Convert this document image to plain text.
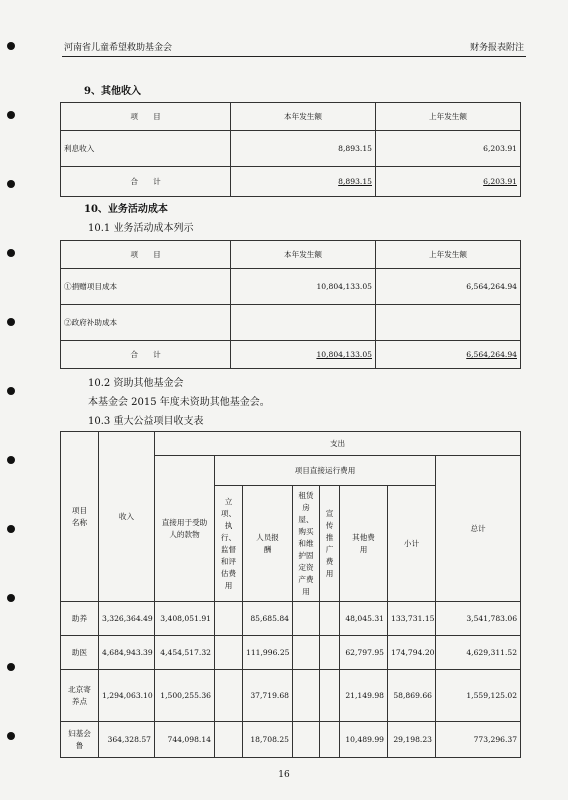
河南省儿童希望救助基金会	财务报表附注
9、其他收入
项　　目	本年发生额	上年发生额
利息收入	8,893.15	6,203.91
合　　计	8,893.15	6,203.91
10、业务活动成本
10.1 业务活动成本列示
项　　目	本年发生额	上年发生额
①捐赠项目成本	10,804,133.05	6,564,264.94
②政府补助成本		
合　　计	10,804,133.05	6,564,264.94
10.2 资助其他基金会
本基金会 2015 年度未资助其他基金会。
10.3 重大公益项目收支表
项目名称	收入	支出							
		直接用于受助人的款物	项目直接运行费用						总计
			立项、执行、监督和评估费用	人员报酬	租赁房屋、购买和维护固定资产费用	宣传推广费用	其他费用	小计	
助养	3,326,364.49	3,408,051.91		85,685.84			48,045.31	133,731.15	3,541,783.06
助医	4,684,943.39	4,454,517.32		111,996.25			62,797.95	174,794.20	4,629,311.52
北京寄养点	1,294,063.10	1,500,255.36		37,719.68			21,149.98	58,869.66	1,559,125.02
妇基会鲁	364,328.57	744,098.14		18,708.25			10,489.99	29,198.23	773,296.37
16
